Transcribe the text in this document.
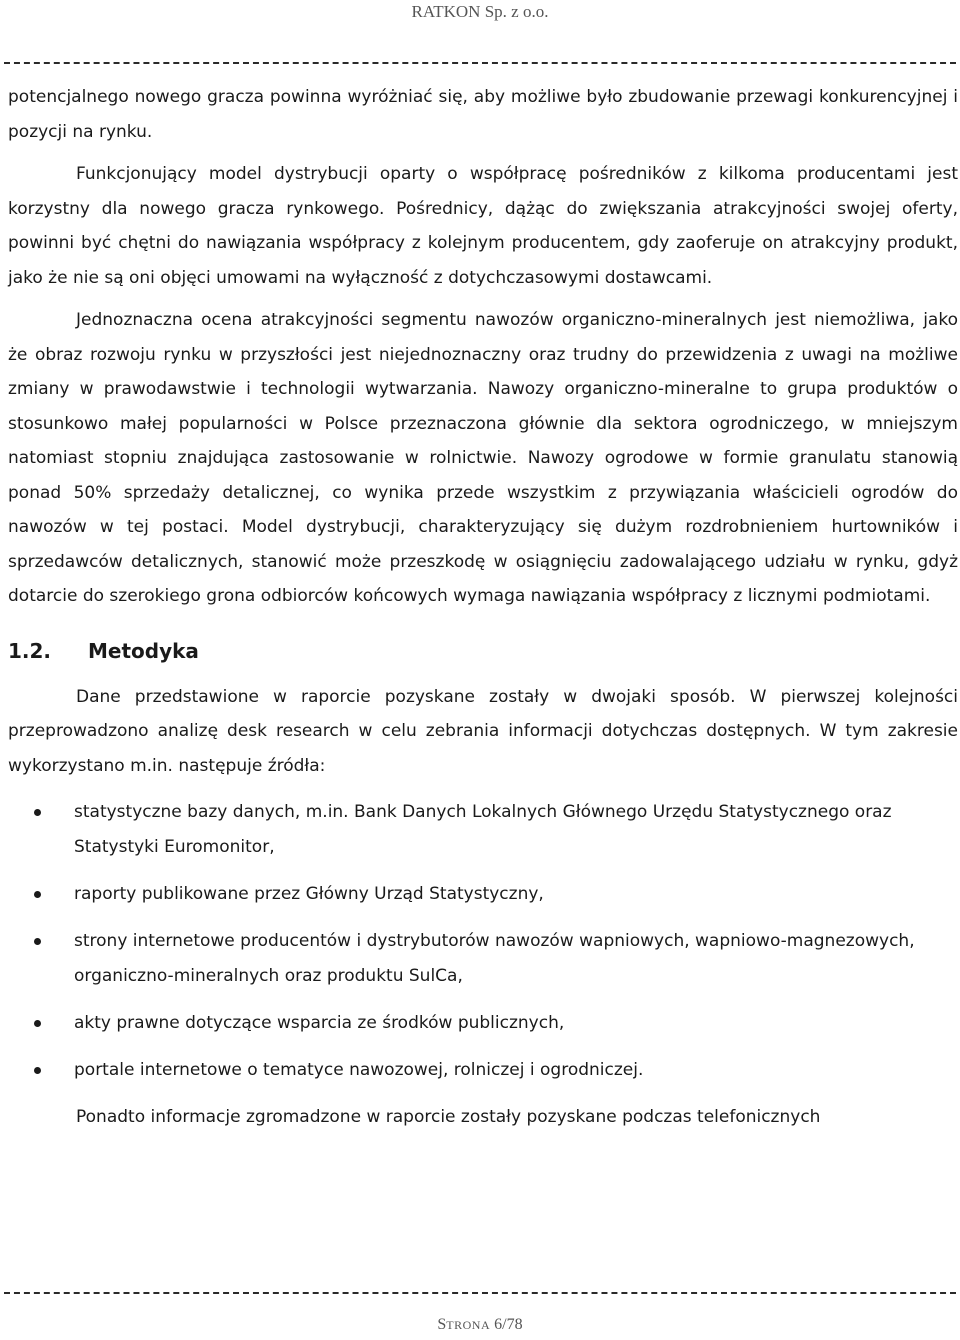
RATKON Sp. z o.o.

potencjalnego nowego gracza powinna wyróżniać się, aby możliwe było zbudowanie przewagi konkurencyjnej i pozycji na rynku.

Funkcjonujący model dystrybucji oparty o współpracę pośredników z kilkoma producentami jest korzystny dla nowego gracza rynkowego. Pośrednicy, dążąc do zwiększania atrakcyjności swojej oferty, powinni być chętni do nawiązania współpracy z kolejnym producentem, gdy zaoferuje on atrakcyjny produkt, jako że nie są oni objęci umowami na wyłączność z dotychczasowymi dostawcami.

Jednoznaczna ocena atrakcyjności segmentu nawozów organiczno-mineralnych jest niemożliwa, jako że obraz rozwoju rynku w przyszłości jest niejednoznaczny oraz trudny do przewidzenia z uwagi na możliwe zmiany w prawodawstwie i technologii wytwarzania. Nawozy organiczno-mineralne to grupa produktów o stosunkowo małej popularności w Polsce przeznaczona głównie dla sektora ogrodniczego, w mniejszym natomiast stopniu znajdująca zastosowanie w rolnictwie. Nawozy ogrodowe w formie granulatu stanowią ponad 50% sprzedaży detalicznej, co wynika przede wszystkim z przywiązania właścicieli ogrodów do nawozów w tej postaci. Model dystrybucji, charakteryzujący się dużym rozdrobnieniem hurtowników i sprzedawców detalicznych, stanowić może przeszkodę w osiągnięciu zadowalającego udziału w rynku, gdyż dotarcie do szerokiego grona odbiorców końcowych wymaga nawiązania współpracy z licznymi podmiotami.

1.2.	Metodyka

Dane przedstawione w raporcie pozyskane zostały w dwojaki sposób. W pierwszej kolejności przeprowadzono analizę desk research w celu zebrania informacji dotychczas dostępnych. W tym zakresie wykorzystano m.in. następuje źródła:

statystyczne bazy danych, m.in. Bank Danych Lokalnych Głównego Urzędu Statystycznego oraz Statystyki Euromonitor,
raporty publikowane przez Główny Urząd Statystyczny,
strony internetowe producentów i dystrybutorów nawozów wapniowych, wapniowo-magnezowych, organiczno-mineralnych oraz produktu SulCa,
akty prawne dotyczące wsparcia ze środków publicznych,
portale internetowe o tematyce nawozowej, rolniczej i ogrodniczej.

Ponadto informacje zgromadzone w raporcie zostały pozyskane podczas telefonicznych

STRONA 6/78
